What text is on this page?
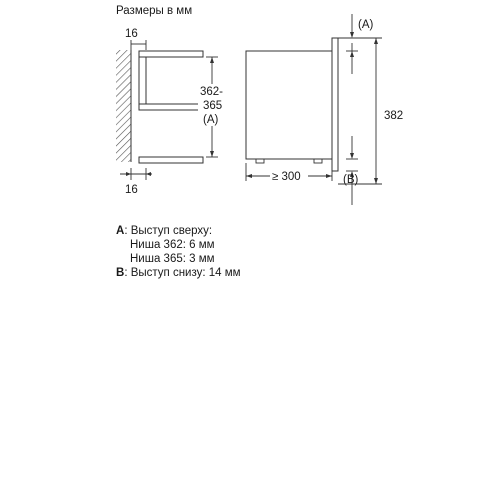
Размеры в мм
16
16
362-
365
(A)
≥ 300
(A)
(B)
382
A: Выступ сверху:
Ниша 362: 6 мм
Ниша 365: 3 мм
B: Выступ снизу: 14 мм
